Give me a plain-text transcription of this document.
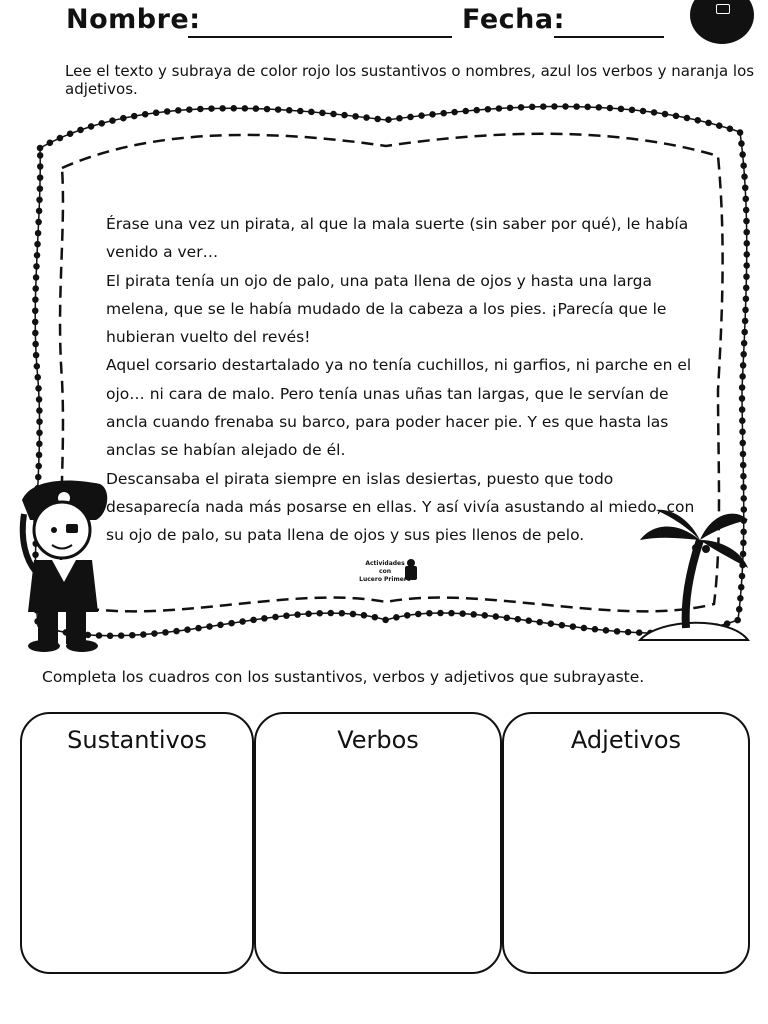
Nombre:	Fecha:
Lee el texto y subraya de color rojo los sustantivos o nombres, azul los verbos y naranja los adjetivos.

Érase una vez un pirata, al que la mala suerte (sin saber por qué), le había venido a ver…

El pirata tenía un ojo de palo, una pata llena de ojos y hasta una larga melena, que se le había mudado de la cabeza a los pies. ¡Parecía que le hubieran vuelto del revés!

Aquel corsario destartalado ya no tenía cuchillos, ni garfios, ni parche en el ojo… ni cara de malo. Pero tenía unas uñas tan largas, que le servían de ancla cuando frenaba su barco, para poder hacer pie. Y es que hasta las anclas se habían alejado de él.

Descansaba el pirata siempre en islas desiertas, puesto que todo desaparecía nada más posarse en ellas. Y así vivía asustando al miedo, con su ojo de palo, su pata llena de ojos y sus pies llenos de pelo.

Actividades
con
Lucero Primero
Completa los cuadros con los sustantivos, verbos y adjetivos que subrayaste.
Sustantivos	Verbos	Adjetivos
